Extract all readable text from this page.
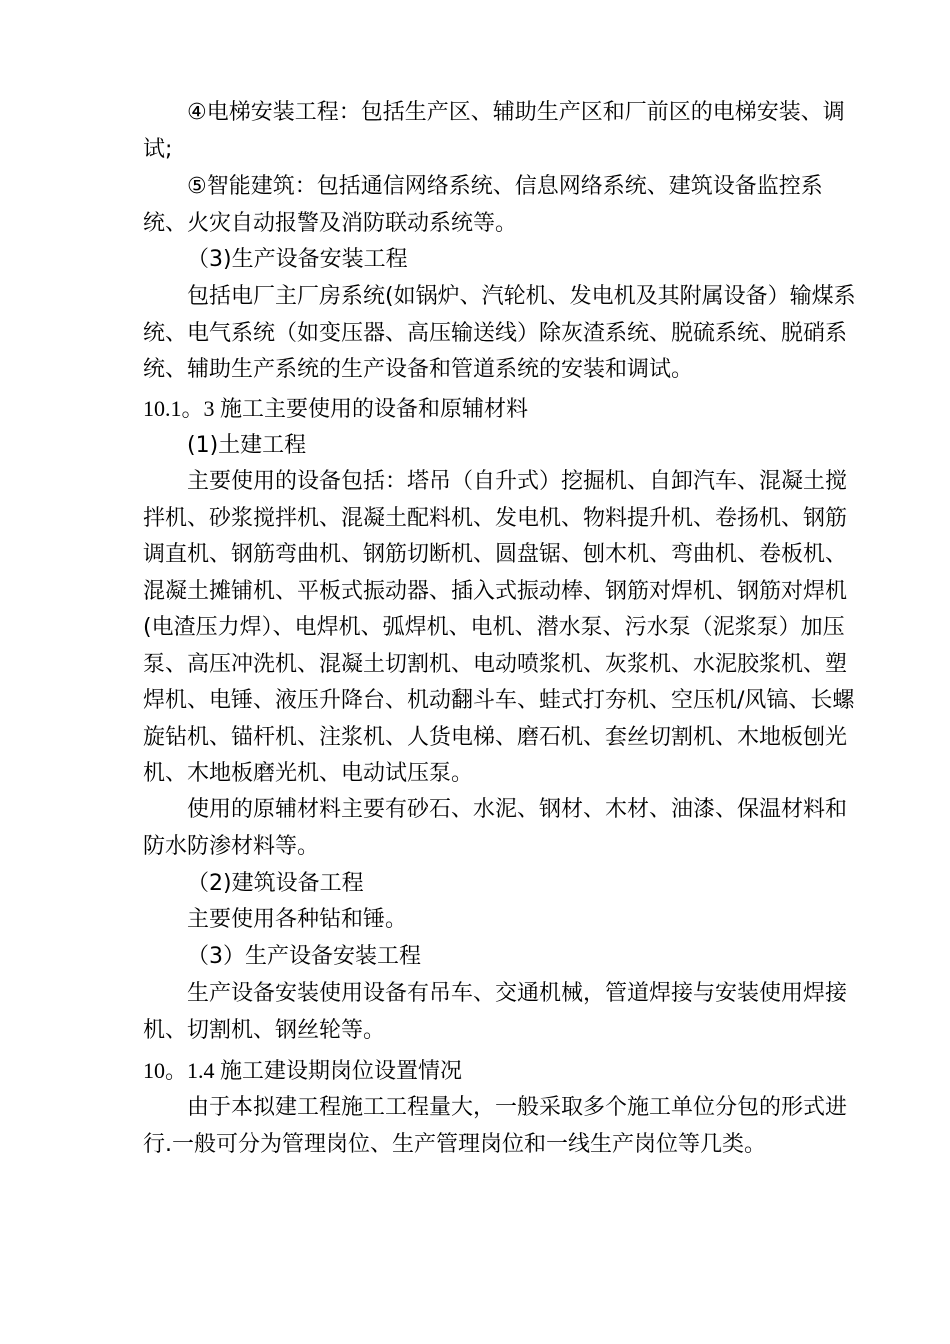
④电梯安装工程：包括生产区、辅助生产区和厂前区的电梯安装、调试;

⑤智能建筑：包括通信网络系统、信息网络系统、建筑设备监控系统、火灾自动报警及消防联动系统等。

（3)生产设备安装工程

包括电厂主厂房系统(如锅炉、汽轮机、发电机及其附属设备）输煤系统、电气系统（如变压器、高压输送线）除灰渣系统、脱硫系统、脱硝系统、辅助生产系统的生产设备和管道系统的安装和调试。

10.1。3 施工主要使用的设备和原辅材料

(1)土建工程

主要使用的设备包括：塔吊（自升式）挖掘机、自卸汽车、混凝土搅拌机、砂浆搅拌机、混凝土配料机、发电机、物料提升机、卷扬机、钢筋调直机、钢筋弯曲机、钢筋切断机、圆盘锯、刨木机、弯曲机、卷板机、混凝土摊铺机、平板式振动器、插入式振动棒、钢筋对焊机、钢筋对焊机(电渣压力焊）、电焊机、弧焊机、电机、潜水泵、污水泵（泥浆泵）加压泵、高压冲洗机、混凝土切割机、电动喷浆机、灰浆机、水泥胶浆机、塑焊机、电锤、液压升降台、机动翻斗车、蛙式打夯机、空压机/风镐、长螺旋钻机、锚杆机、注浆机、人货电梯、磨石机、套丝切割机、木地板刨光机、木地板磨光机、电动试压泵。

使用的原辅材料主要有砂石、水泥、钢材、木材、油漆、保温材料和防水防渗材料等。

（2)建筑设备工程

主要使用各种钻和锤。

（3）生产设备安装工程

生产设备安装使用设备有吊车、交通机械，管道焊接与安装使用焊接机、切割机、钢丝轮等。

10。1.4 施工建设期岗位设置情况

由于本拟建工程施工工程量大，一般采取多个施工单位分包的形式进行.一般可分为管理岗位、生产管理岗位和一线生产岗位等几类。
